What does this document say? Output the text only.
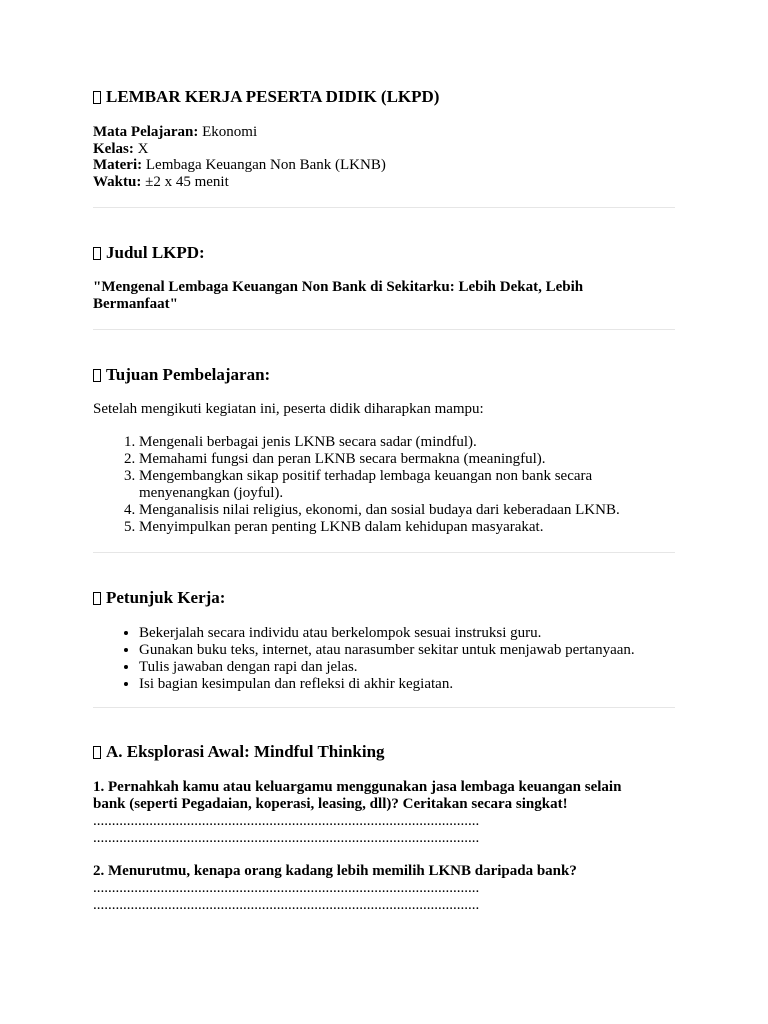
LEMBAR KERJA PESERTA DIDIK (LKPD)
Mata Pelajaran: Ekonomi
Kelas: X
Materi: Lembaga Keuangan Non Bank (LKNB)
Waktu: ±2 x 45 menit
Judul LKPD:

"Mengenal Lembaga Keuangan Non Bank di Sekitarku: Lebih Dekat, Lebih
Bermanfaat"

Tujuan Pembelajaran:

Setelah mengikuti kegiatan ini, peserta didik diharapkan mampu:

1. Mengenali berbagai jenis LKNB secara sadar (mindful).
2. Memahami fungsi dan peran LKNB secara bermakna (meaningful).
3. Mengembangkan sikap positif terhadap lembaga keuangan non bank secara menyenangkan (joyful).
4. Menganalisis nilai religius, ekonomi, dan sosial budaya dari keberadaan LKNB.
5. Menyimpulkan peran penting LKNB dalam kehidupan masyarakat.
Petunjuk Kerja:
• Bekerjalah secara individu atau berkelompok sesuai instruksi guru.
• Gunakan buku teks, internet, atau narasumber sekitar untuk menjawab pertanyaan.
• Tulis jawaban dengan rapi dan jelas.
• Isi bagian kesimpulan dan refleksi di akhir kegiatan.
A. Eksplorasi Awal: Mindful Thinking

1. Pernahkah kamu atau keluargamu menggunakan jasa lembaga keuangan selain
bank (seperti Pegadaian, koperasi, leasing, dll)? Ceritakan secara singkat!

.......................................................................................................
.......................................................................................................

2. Menurutmu, kenapa orang kadang lebih memilih LKNB daripada bank?

.......................................................................................................
.......................................................................................................
